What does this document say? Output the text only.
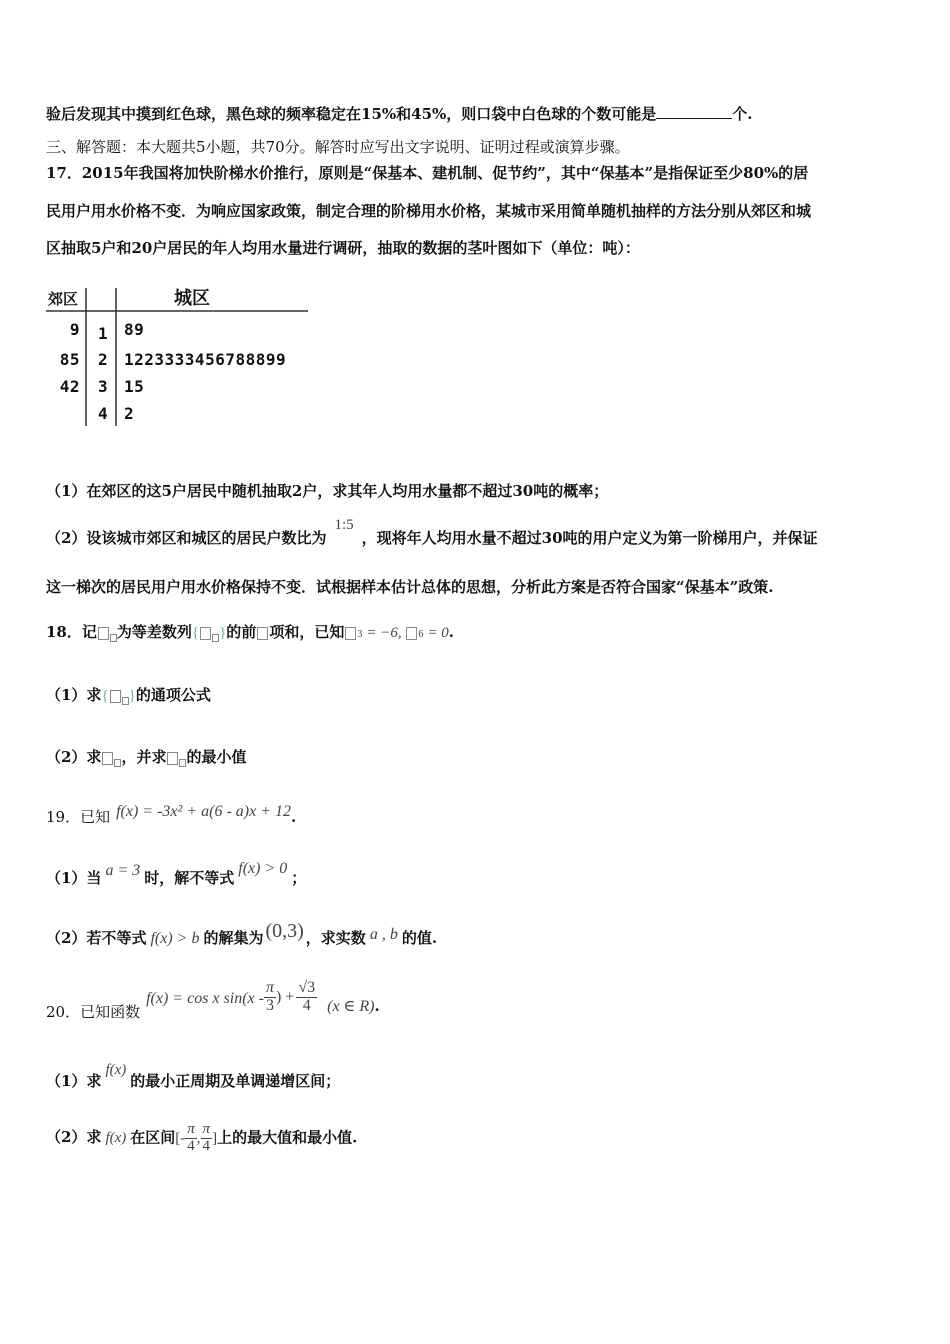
验后发现其中摸到红色球，黑色球的频率稳定在15%和45%，则口袋中白色球的个数可能是	个.
三、解答题：本大题共5小题，共70分。解答时应写出文字说明、证明过程或演算步骤。
17．2015年我国将加快阶梯水价推行，原则是“保基本、建机制、促节约”，其中“保基本”是指保证至少80%的居
民用户用水价格不变．为响应国家政策，制定合理的阶梯用水价格，某城市采用简单随机抽样的方法分别从郊区和城
区抽取5户和20户居民的年人均用水量进行调研，抽取的数据的茎叶图如下（单位：吨）：
郊区	城区
9 1 89
85 2 1223333456788899
42 3 15
4 2
（1）在郊区的这5户居民中随机抽取2户，求其年人均用水量都不超过30吨的概率；
（2）设该城市郊区和城区的居民户数比为1:5，现将年人均用水量不超过30吨的用户定义为第一阶梯用户，并保证
这一梯次的居民用户用水价格保持不变．试根据样本估计总体的思想，分析此方案是否符合国家“保基本”政策.
18．记 为等差数列{ }的前 项和，已知 3 = −6, 6 = 0.
（1）求{ }的通项公式
（2）求 ，并求 的最小值
19．已知 f(x) = -3x² + a(6 - a)x + 12.
（1）当 a = 3 时，解不等式f(x) > 0；
（2）若不等式 f(x) > b 的解集为 (0,3) ，求实数 a , b 的值.
20．已知函数f(x) = cos x $\sin(x - \frac{\pi}{3}$ ) + $\frac{√3}{4} (x$ ∈ R).
（1）求f(x)的最小正周期及单调递增区间；
（2）求 f(x) 在区间[- $\frac{\pi}{4}$ , $\frac{\pi}{4}$ ]上的最大值和最小值.
